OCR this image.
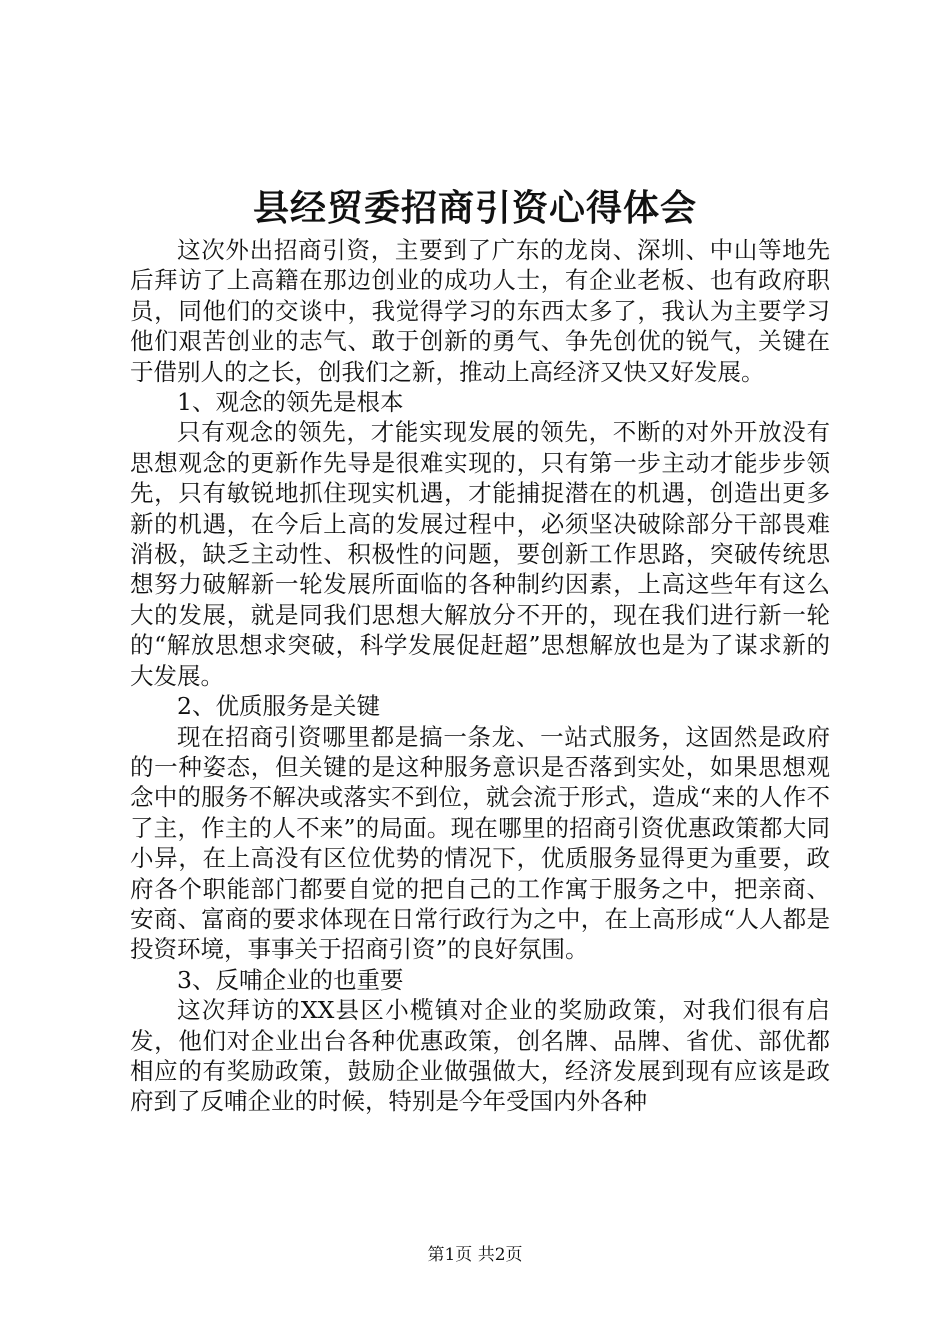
县经贸委招商引资心得体会

这次外出招商引资，主要到了广东的龙岗、深圳、中山等地先后拜访了上高籍在那边创业的成功人士，有企业老板、也有政府职员，同他们的交谈中，我觉得学习的东西太多了，我认为主要学习他们艰苦创业的志气、敢于创新的勇气、争先创优的锐气，关键在于借别人的之长，创我们之新，推动上高经济又快又好发展。

1、观念的领先是根本

只有观念的领先，才能实现发展的领先，不断的对外开放没有思想观念的更新作先导是很难实现的，只有第一步主动才能步步领先，只有敏锐地抓住现实机遇，才能捕捉潜在的机遇，创造出更多新的机遇，在今后上高的发展过程中，必须坚决破除部分干部畏难消极，缺乏主动性、积极性的问题，要创新工作思路，突破传统思想努力破解新一轮发展所面临的各种制约因素，上高这些年有这么大的发展，就是同我们思想大解放分不开的，现在我们进行新一轮的“解放思想求突破，科学发展促赶超”思想解放也是为了谋求新的大发展。

2、优质服务是关键

现在招商引资哪里都是搞一条龙、一站式服务，这固然是政府的一种姿态，但关键的是这种服务意识是否落到实处，如果思想观念中的服务不解决或落实不到位，就会流于形式，造成“来的人作不了主，作主的人不来”的局面。现在哪里的招商引资优惠政策都大同小异，在上高没有区位优势的情况下，优质服务显得更为重要，政府各个职能部门都要自觉的把自己的工作寓于服务之中，把亲商、安商、富商的要求体现在日常行政行为之中，在上高形成“人人都是投资环境，事事关于招商引资”的良好氛围。

3、反哺企业的也重要

这次拜访的XX县区小榄镇对企业的奖励政策，对我们很有启发，他们对企业出台各种优惠政策，创名牌、品牌、省优、部优都相应的有奖励政策，鼓励企业做强做大，经济发展到现有应该是政府到了反哺企业的时候，特别是今年受国内外各种

第1页 共2页
